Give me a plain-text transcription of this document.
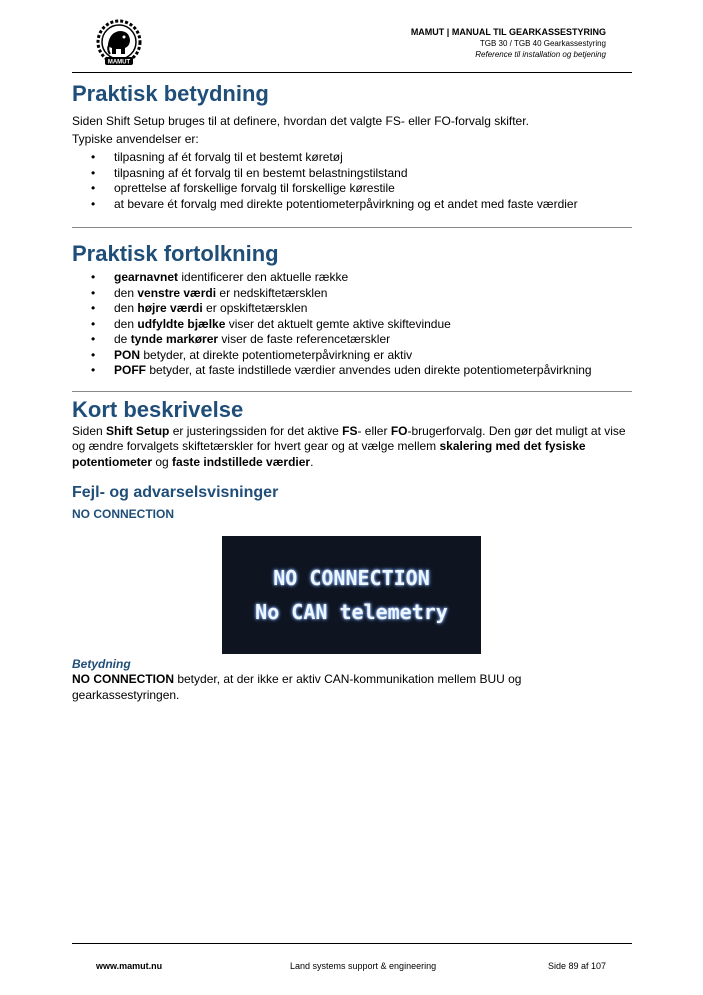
MAMUT
MAMUT | MANUAL TIL GEARKASSESTYRING
TGB 30 / TGB 40 Gearkassestyring
Reference til installation og betjening
Praktisk betydning

Siden Shift Setup bruges til at definere, hvordan det valgte FS- eller FO-forvalg skifter.

Typiske anvendelser er:

• tilpasning af ét forvalg til et bestemt køretøj
• tilpasning af ét forvalg til en bestemt belastningstilstand
• oprettelse af forskellige forvalg til forskellige kørestile
• at bevare ét forvalg med direkte potentiometerpåvirkning og et andet med faste værdier
Praktisk fortolkning
• gearnavnet identificerer den aktuelle række
• den venstre værdi er nedskiftetærsklen
• den højre værdi er opskiftetærsklen
• den udfyldte bjælke viser det aktuelt gemte aktive skiftevindue
• de tynde markører viser de faste referencetærskler
• PON betyder, at direkte potentiometerpåvirkning er aktiv
• POFF betyder, at faste indstillede værdier anvendes uden direkte potentiometerpåvirkning
Kort beskrivelse

Siden Shift Setup er justeringssiden for det aktive FS- eller FO-brugerforvalg. Den gør det muligt at vise og ændre forvalgets skiftetærskler for hvert gear og at vælge mellem skalering med det fysiske potentiometer og faste indstillede værdier.

Fejl- og advarselsvisninger
NO CONNECTION
NO CONNECTION
No CAN telemetry
Betydning

NO CONNECTION betyder, at der ikke er aktiv CAN-kommunikation mellem BUU og gearkassestyringen.

www.mamut.nu	Land systems support & engineering	Side 89 af 107
